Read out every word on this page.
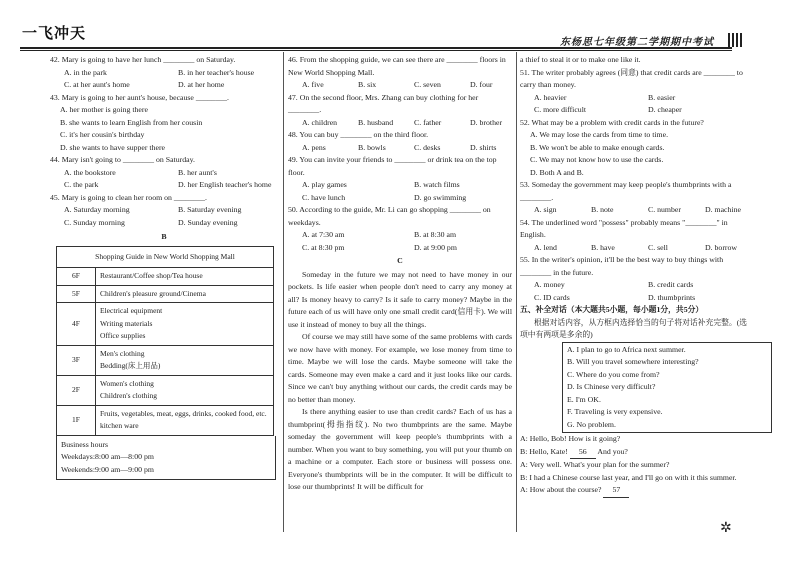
一飞冲天
东杨思七年级第二学期期中考试

42. Mary is going to have her lunch ________ on Saturday.

A. in the park	B. in her teacher's house
C. at her aunt's home	D. at her home

43. Mary is going to her aunt's house, because ________.

A. her mother is going there
B. she wants to learn English from her cousin
C. it's her cousin's birthday
D. she wants to have supper there

44. Mary isn't going to ________ on Saturday.

A. the bookstore	B. her aunt's
C. the park	D. her English teacher's home

45. Mary is going to clean her room on ________.

A. Saturday morning	B. Saturday evening
C. Sunday morning	D. Sunday evening
B
Shopping Guide in New World Shopping Mall	
6F	Restaurant/Coffee shop/Tea house
5F	Children's pleasure ground/Cinema
4F	Electrical equipment
Writing materials
Office supplies

3F	Men's clothing
Bedding(床上用品)

2F	Women's clothing
Children's clothing

1F	Fruits, vegetables, meat, eggs, drinks, cooked food, etc. kitchen ware
Business hours
Weekdays:8:00 am—8:00 pm
Weekends:9:00 am—9:00 pm

46. From the shopping guide, we can see there are ________ floors in New World Shopping Mall.

A. five	B. six	C. seven	D. four

47. On the second floor, Mrs. Zhang can buy clothing for her ________.

A. children	B. husband	C. father	D. brother

48. You can buy ________ on the third floor.

A. pens	B. bowls	C. desks	D. shirts

49. You can invite your friends to ________ or drink tea on the top floor.

A. play games	B. watch films
C. have lunch	D. go swimming

50. According to the guide, Mr. Li can go shopping ________ on weekdays.

A. at 7:30 am	B. at 8:30 am
C. at 8:30 pm	D. at 9:00 pm
C

Someday in the future we may not need to have money in our pockets. Is life easier when people don't need to carry any money at all? Is money heavy to carry? Is it safe to carry money? Maybe in the future each of us will have only one small credit card(信用卡). We will use it instead of money to buy all the things.

Of course we may still have some of the same problems with cards we now have with money. For example, we lose money from time to time. Maybe we will lose the cards. Maybe someone will take the cards. Someone may even make a card and it just looks like our cards. Since we can't buy anything without our cards, the credit cards may be no better than money.

Is there anything easier to use than credit cards? Each of us has a thumbprint(拇指指纹). No two thumbprints are the same. Maybe someday the government will keep people's thumbprints with a number. When you want to buy something, you will put your thumb on a machine or a computer. Each store or business will possess one. Everyone's thumbprints will be in the computer. It will be difficult to lose our thumbprints! It will be difficult for

a thief to steal it or to make one like it.

51. The writer probably agrees (同意) that credit cards are ________ to carry than money.

A. heavier	B. easier
C. more difficult	D. cheaper

52. What may be a problem with credit cards in the future?

A. We may lose the cards from time to time.
B. We won't be able to make enough cards.
C. We may not know how to use the cards.
D. Both A and B.

53. Someday the government may keep people's thumbprints with a ________.

A. sign	B. note	C. number	D. machine

54. The underlined word "possess" probably means "________" in English.

A. lend	B. have	C. sell	D. borrow

55. In the writer's opinion, it'll be the best way to buy things with ________ in the future.

A. money	B. credit cards
C. ID cards	D. thumbprints
五、补全对话（本大题共5小题，每小题1分，共5分）
根据对话内容，从方框内选择恰当的句子将对话补充完整。(选项中有两项是多余的)
A. I plan to go to Africa next summer.
B. Will you travel somewhere interesting?
C. Where do you come from?
D. Is Chinese very difficult?
E. I'm OK.
F. Traveling is very expensive.
G. No problem.
A: Hello, Bob! How is it going?
B: Hello, Kate! 56 And you?
A: Very well. What's your plan for the summer?
B: I had a Chinese course last year, and I'll go on with it this summer.
A: How about the course? 57
✲
